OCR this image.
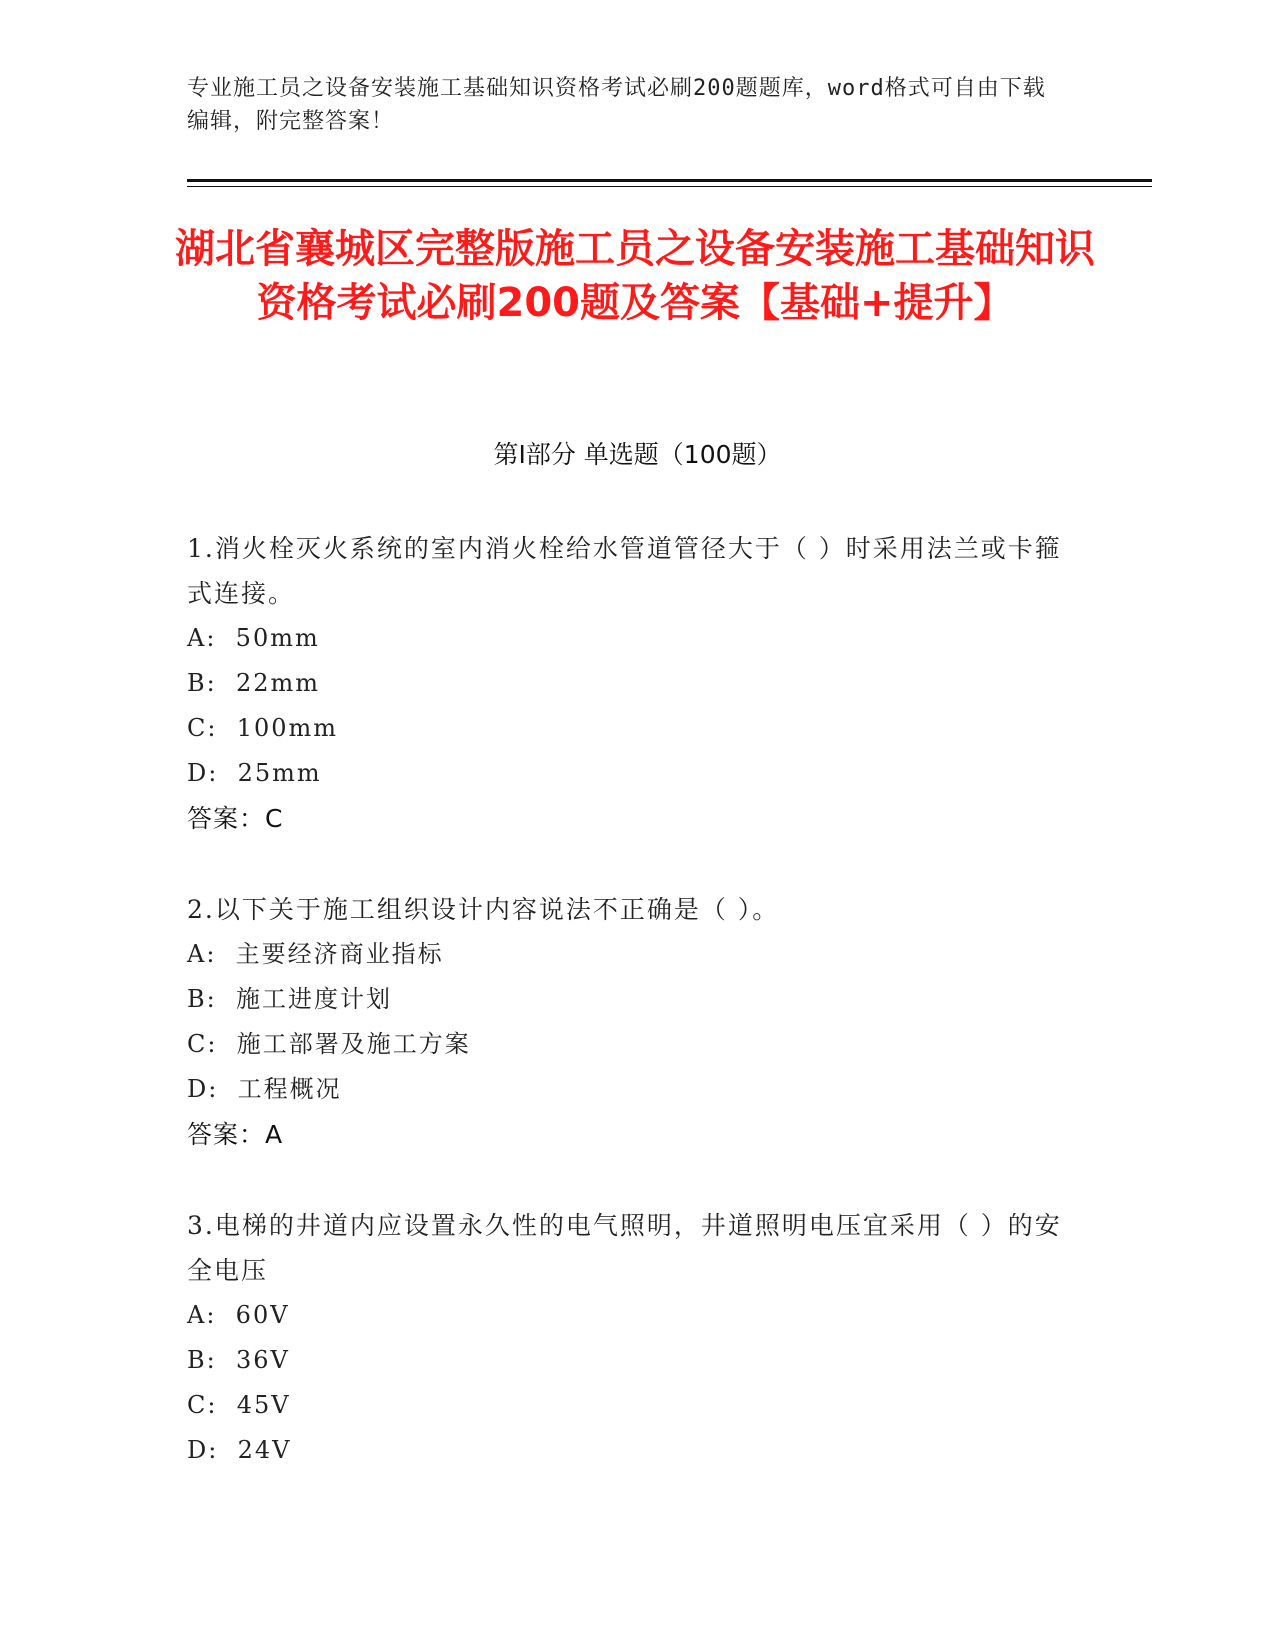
专业施工员之设备安装施工基础知识资格考试必刷200题题库，word格式可自由下载编辑，附完整答案！
湖北省襄城区完整版施工员之设备安装施工基础知识资格考试必刷200题及答案【基础+提升】
第Ⅰ部分 单选题（100题）
1.消火栓灭火系统的室内消火栓给水管道管径大于（ ）时采用法兰或卡箍式连接。
A:  50mm
B:  22mm
C:  100mm
D:  25mm
答案：C
2.以下关于施工组织设计内容说法不正确是（ ）。
A:  主要经济商业指标
B:  施工进度计划
C:  施工部署及施工方案
D:  工程概况
答案：A
3.电梯的井道内应设置永久性的电气照明，井道照明电压宜采用（ ）的安全电压
A:  60V
B:  36V
C:  45V
D:  24V
